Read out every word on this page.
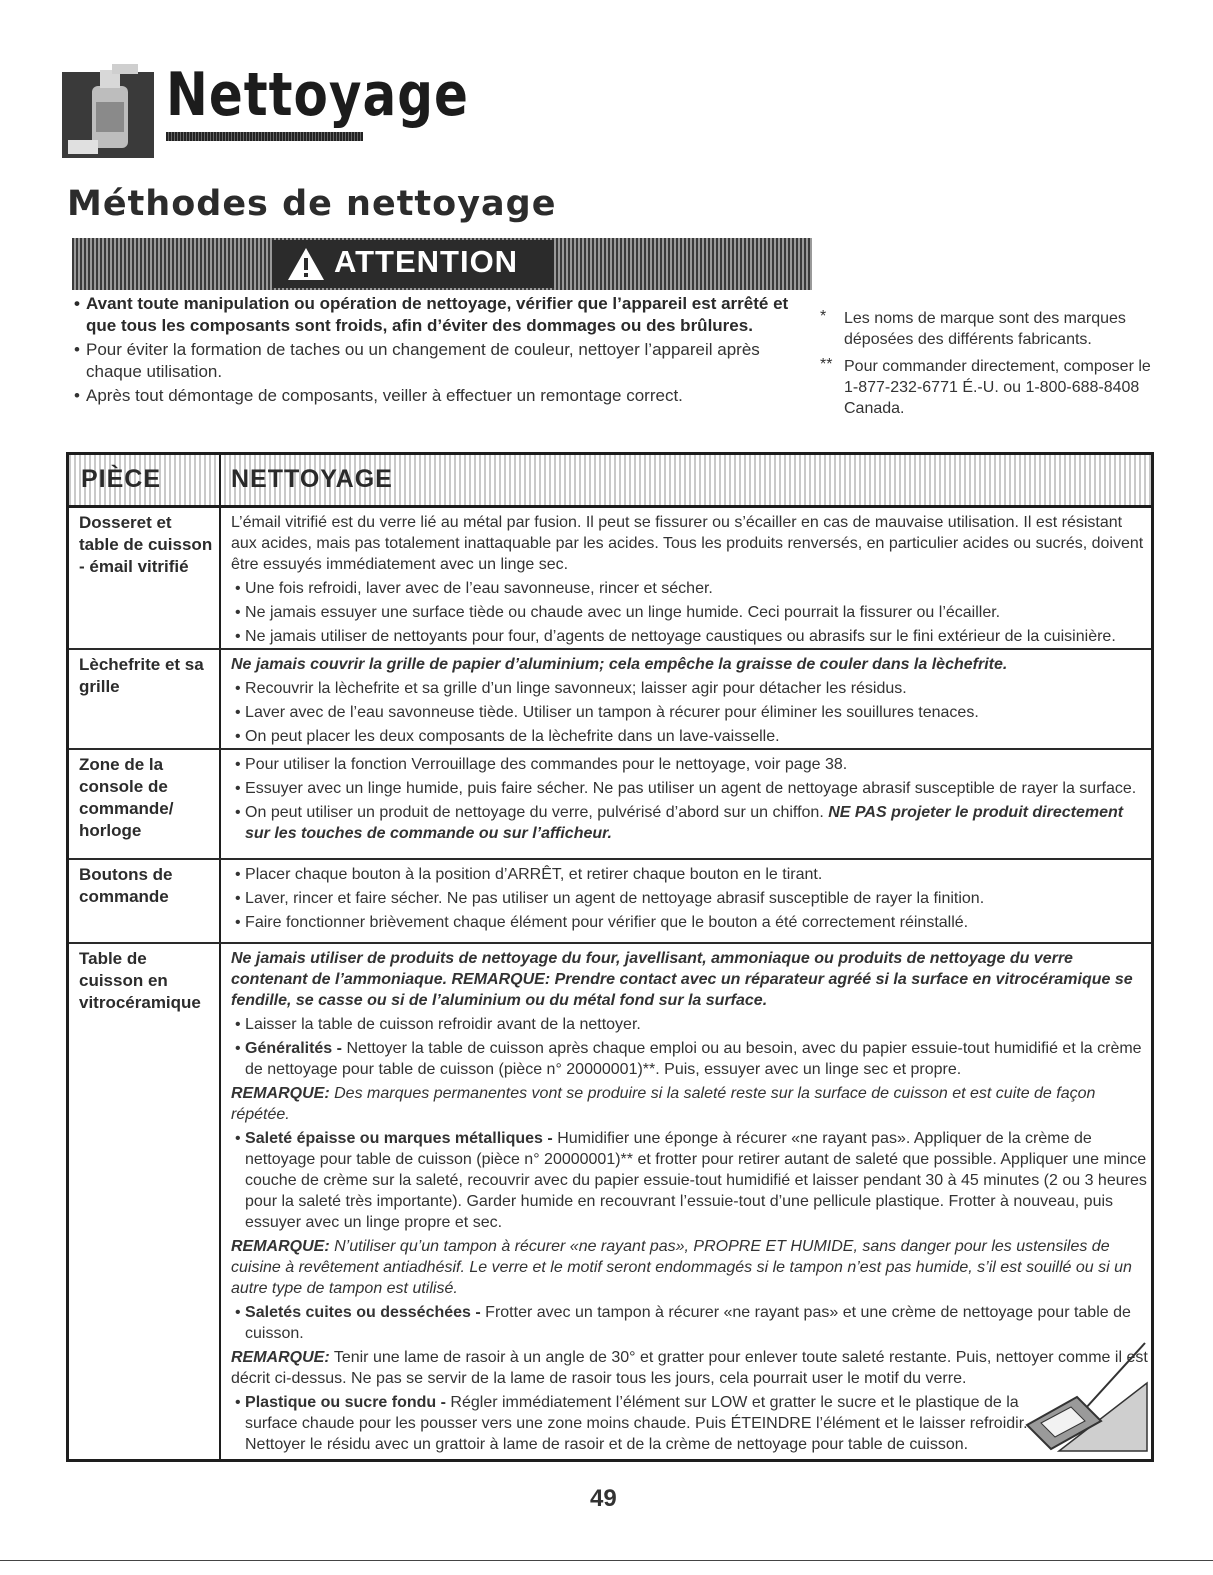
Nettoyage
Méthodes de nettoyage
ATTENTION
• Avant toute manipulation ou opération de nettoyage, vérifier que l’appareil est arrêté et que tous les composants sont froids, afin d’éviter des dommages ou des brûlures.
• Pour éviter la formation de taches ou un changement de couleur, nettoyer l’appareil après chaque utilisation.
• Après tout démontage de composants, veiller à effectuer un remontage correct.
* Les noms de marque sont des marques déposées des différents fabricants.
** Pour commander directement, composer le 1-877-232-6771 É.-U. ou 1-800-688-8408 Canada.
PIÈCE	NETTOYAGE
Dosseret et table de cuisson - émail vitrifié

L’émail vitrifié est du verre lié au métal par fusion. Il peut se fissurer ou s’écailler en cas de mauvaise utilisation. Il est résistant aux acides, mais pas totalement inattaquable par les acides. Tous les produits renversés, en particulier acides ou sucrés, doivent être essuyés immédiatement avec un linge sec.

• Une fois refroidi, laver avec de l’eau savonneuse, rincer et sécher.

• Ne jamais essuyer une surface tiède ou chaude avec un linge humide. Ceci pourrait la fissurer ou l’écailler.

• Ne jamais utiliser de nettoyants pour four, d’agents de nettoyage caustiques ou abrasifs sur le fini extérieur de la cuisinière.

Lèchefrite et sa grille

Ne jamais couvrir la grille de papier d’aluminium; cela empêche la graisse de couler dans la lèchefrite.

• Recouvrir la lèchefrite et sa grille d’un linge savonneux; laisser agir pour détacher les résidus.

• Laver avec de l’eau savonneuse tiède. Utiliser un tampon à récurer pour éliminer les souillures tenaces.

• On peut placer les deux composants de la lèchefrite dans un lave-vaisselle.

Zone de la console de commande/ horloge

• Pour utiliser la fonction Verrouillage des commandes pour le nettoyage, voir page 38.

• Essuyer avec un linge humide, puis faire sécher. Ne pas utiliser un agent de nettoyage abrasif susceptible de rayer la surface.

• On peut utiliser un produit de nettoyage du verre, pulvérisé d’abord sur un chiffon. NE PAS projeter le produit directement sur les touches de commande ou sur l’afficheur.

Boutons de commande

• Placer chaque bouton à la position d’ARRÊT, et retirer chaque bouton en le tirant.

• Laver, rincer et faire sécher. Ne pas utiliser un agent de nettoyage abrasif susceptible de rayer la finition.

• Faire fonctionner brièvement chaque élément pour vérifier que le bouton a été correctement réinstallé.

Table de cuisson en vitrocéramique

Ne jamais utiliser de produits de nettoyage du four, javellisant, ammoniaque ou produits de nettoyage du verre contenant de l’ammoniaque. REMARQUE: Prendre contact avec un réparateur agréé si la surface en vitrocéramique se fendille, se casse ou si de l’aluminium ou du métal fond sur la surface.

• Laisser la table de cuisson refroidir avant de la nettoyer.

• Généralités - Nettoyer la table de cuisson après chaque emploi ou au besoin, avec du papier essuie-tout humidifié et la crème de nettoyage pour table de cuisson (pièce n° 20000001)**. Puis, essuyer avec un linge sec et propre.

REMARQUE: Des marques permanentes vont se produire si la saleté reste sur la surface de cuisson et est cuite de façon répétée.

• Saleté épaisse ou marques métalliques - Humidifier une éponge à récurer «ne rayant pas». Appliquer de la crème de nettoyage pour table de cuisson (pièce n° 20000001)** et frotter pour retirer autant de saleté que possible. Appliquer une mince couche de crème sur la saleté, recouvrir avec du papier essuie-tout humidifié et laisser pendant 30 à 45 minutes (2 ou 3 heures pour la saleté très importante). Garder humide en recouvrant l’essuie-tout d’une pellicule plastique. Frotter à nouveau, puis essuyer avec un linge propre et sec.

REMARQUE: N’utiliser qu’un tampon à récurer «ne rayant pas», PROPRE ET HUMIDE, sans danger pour les ustensiles de cuisine à revêtement antiadhésif. Le verre et le motif seront endommagés si le tampon n’est pas humide, s’il est souillé ou si un autre type de tampon est utilisé.

• Saletés cuites ou desséchées - Frotter avec un tampon à récurer «ne rayant pas» et une crème de nettoyage pour table de cuisson.

REMARQUE: Tenir une lame de rasoir à un angle de 30° et gratter pour enlever toute saleté restante. Puis, nettoyer comme il est décrit ci-dessus. Ne pas se servir de la lame de rasoir tous les jours, cela pourrait user le motif du verre.

• Plastique ou sucre fondu - Régler immédiatement l’élément sur LOW et gratter le sucre et le plastique de la surface chaude pour les pousser vers une zone moins chaude. Puis ÉTEINDRE l’élément et le laisser refroidir. Nettoyer le résidu avec un grattoir à lame de rasoir et de la crème de nettoyage pour table de cuisson.

49
